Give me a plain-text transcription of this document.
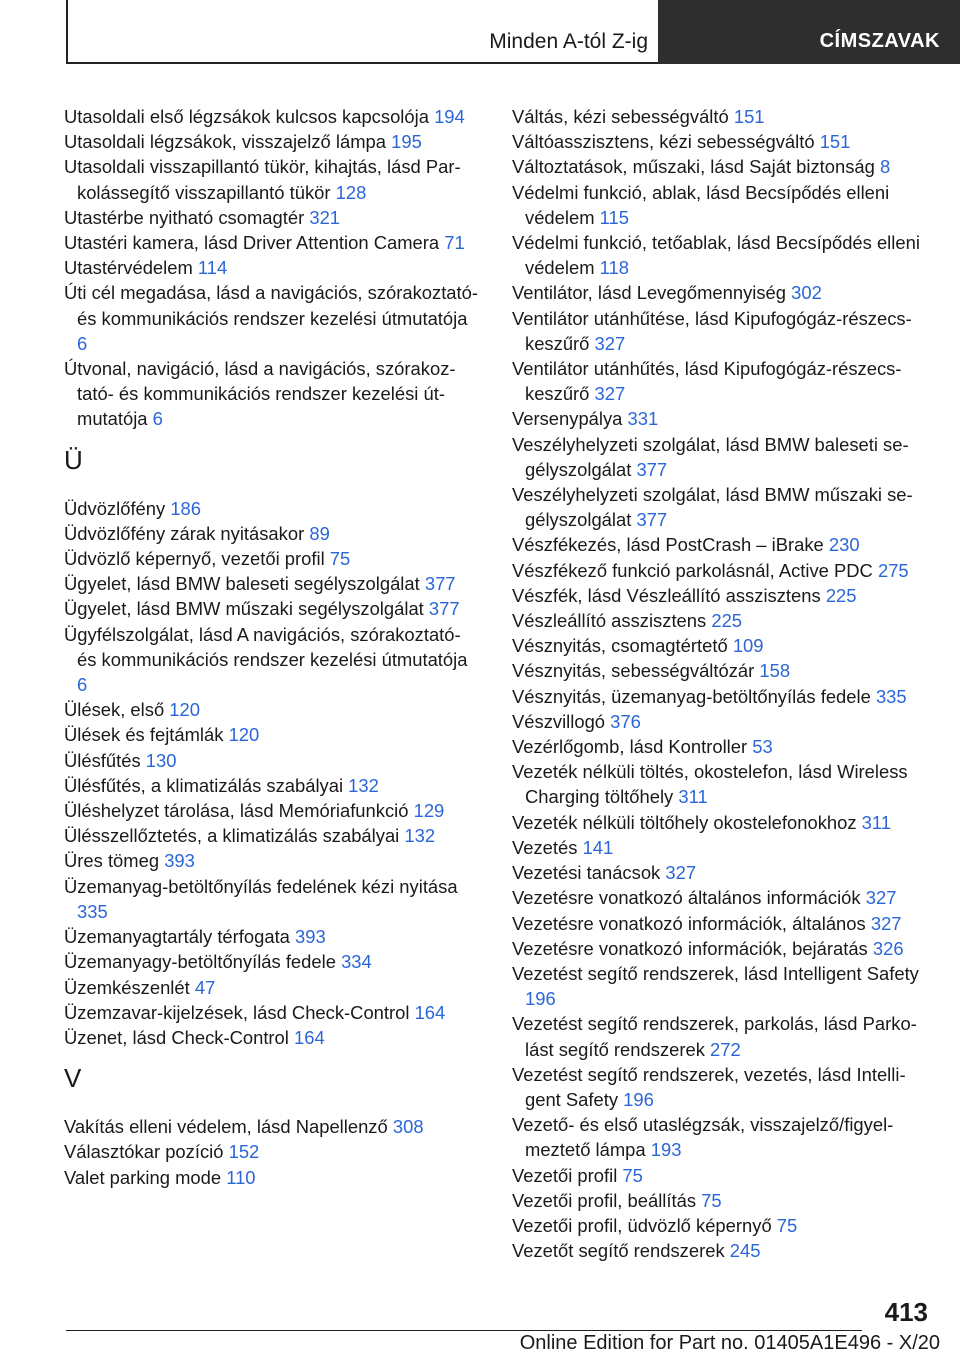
Minden A-tól Z-ig	CÍMSZAVAK
Utasoldali első légzsákok kulcsos kapcsolója 194
Utasoldali légzsákok, visszajelző lámpa 195
Utasoldali visszapillantó tükör, kihajtás, lásd Parkolássegítő visszapillantó tükör 128
Utastérbe nyitható csomagtér 321
Utastéri kamera, lásd Driver Attention Camera 71
Utastérvédelem 114
Úti cél megadása, lásd a navigációs, szórakoztató- és kommunikációs rendszer kezelési útmutatója 6
Útvonal, navigáció, lásd a navigációs, szórakoztató- és kommunikációs rendszer kezelési útmutatója 6
Ü
Üdvözlőfény 186
Üdvözlőfény zárak nyitásakor 89
Üdvözlő képernyő, vezetői profil 75
Ügyelet, lásd BMW baleseti segélyszolgálat 377
Ügyelet, lásd BMW műszaki segélyszolgálat 377
Ügyfélszolgálat, lásd A navigációs, szórakoztató- és kommunikációs rendszer kezelési útmutatója 6
Ülések, első 120
Ülések és fejtámlák 120
Ülésfűtés 130
Ülésfűtés, a klimatizálás szabályai 132
Üléshelyzet tárolása, lásd Memóriafunkció 129
Ülésszellőztetés, a klimatizálás szabályai 132
Üres tömeg 393
Üzemanyag-betöltőnyílás fedelének kézi nyitása 335
Üzemanyagtartály térfogata 393
Üzemanyagy-betöltőnyílás fedele 334
Üzemkészenlét 47
Üzemzavar-kijelzések, lásd Check-Control 164
Üzenet, lásd Check-Control 164
V
Vakítás elleni védelem, lásd Napellenző 308
Választókar pozíció 152
Valet parking mode 110
Váltás, kézi sebességváltó 151
Váltóasszisztens, kézi sebességváltó 151
Változtatások, műszaki, lásd Saját biztonság 8
Védelmi funkció, ablak, lásd Becsípődés elleni védelem 115
Védelmi funkció, tetőablak, lásd Becsípődés elleni védelem 118
Ventilátor, lásd Levegőmennyiség 302
Ventilátor utánhűtése, lásd Kipufogógáz-részecskeszűrő 327
Ventilátor utánhűtés, lásd Kipufogógáz-részecskeszűrő 327
Versenypálya 331
Veszélyhelyzeti szolgálat, lásd BMW baleseti segélyszolgálat 377
Veszélyhelyzeti szolgálat, lásd BMW műszaki segélyszolgálat 377
Vészfékezés, lásd PostCrash – iBrake 230
Vészfékező funkció parkolásnál, Active PDC 275
Vészfék, lásd Vészleállító asszisztens 225
Vészleállító asszisztens 225
Vésznyitás, csomagtértető 109
Vésznyitás, sebességváltózár 158
Vésznyitás, üzemanyag-betöltőnyílás fedele 335
Vészvillogó 376
Vezérlőgomb, lásd Kontroller 53
Vezeték nélküli töltés, okostelefon, lásd Wireless Charging töltőhely 311
Vezeték nélküli töltőhely okostelefonokhoz 311
Vezetés 141
Vezetési tanácsok 327
Vezetésre vonatkozó általános információk 327
Vezetésre vonatkozó információk, általános 327
Vezetésre vonatkozó információk, bejáratás 326
Vezetést segítő rendszerek, lásd Intelligent Safety 196
Vezetést segítő rendszerek, parkolás, lásd Parkolást segítő rendszerek 272
Vezetést segítő rendszerek, vezetés, lásd Intelligent Safety 196
Vezető- és első utaslégzsák, visszajelző/figyelmeztető lámpa 193
Vezetői profil 75
Vezetői profil, beállítás 75
Vezetői profil, üdvözlő képernyő 75
Vezetőt segítő rendszerek 245
413
Online Edition for Part no. 01405A1E496 - X/20
